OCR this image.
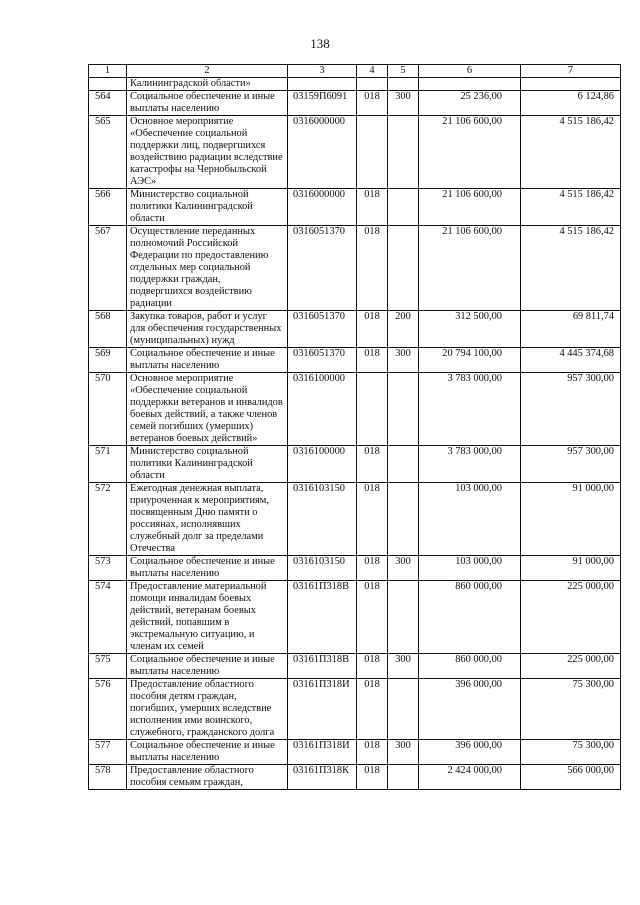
138
1	2	3	4	5	6	7
	Калининградской области»					
564	Социальное обеспечение и иные выплаты населению	03159П6091	018	300	25 236,00	6 124,86
565	Основное мероприятие «Обеспечение социальной поддержки лиц, подвергшихся воздействию радиации вследствие катастрофы на Чернобыльской АЭС»	0316000000			21 106 600,00	4 515 186,42
566	Министерство социальной политики Калининградской области	0316000000	018		21 106 600,00	4 515 186,42
567	Осуществление переданных полномочий Российской Федерации по предоставлению отдельных мер социальной поддержки граждан, подвергшихся воздействию радиации	0316051370	018		21 106 600,00	4 515 186,42
568	Закупка товаров, работ и услуг для обеспечения государственных (муниципальных) нужд	0316051370	018	200	312 500,00	69 811,74
569	Социальное обеспечение и иные выплаты населению	0316051370	018	300	20 794 100,00	4 445 374,68
570	Основное мероприятие «Обеспечение социальной поддержки ветеранов и инвалидов боевых действий, а также членов семей погибших (умерших) ветеранов боевых действий»	0316100000			3 783 000,00	957 300,00
571	Министерство социальной политики Калининградской области	0316100000	018		3 783 000,00	957 300,00
572	Ежегодная денежная выплата, приуроченная к мероприятиям, посвященным Дню памяти о россиянах, исполнявших служебный долг за пределами Отечества	0316103150	018		103 000,00	91 000,00
573	Социальное обеспечение и иные выплаты населению	0316103150	018	300	103 000,00	91 000,00
574	Предоставление материальной помощи инвалидам боевых действий, ветеранам боевых действий, попавшим в экстремальную ситуацию, и членам их семей	03161П318В	018		860 000,00	225 000,00
575	Социальное обеспечение и иные выплаты населению	03161П318В	018	300	860 000,00	225 000,00
576	Предоставление областного пособия детям граждан, погибших, умерших вследствие исполнения ими воинского, служебного, гражданского долга	03161П318И	018		396 000,00	75 300,00
577	Социальное обеспечение и иные выплаты населению	03161П318И	018	300	396 000,00	75 300,00
578	Предоставление областного пособия семьям граждан,	03161П318К	018		2 424 000,00	566 000,00
